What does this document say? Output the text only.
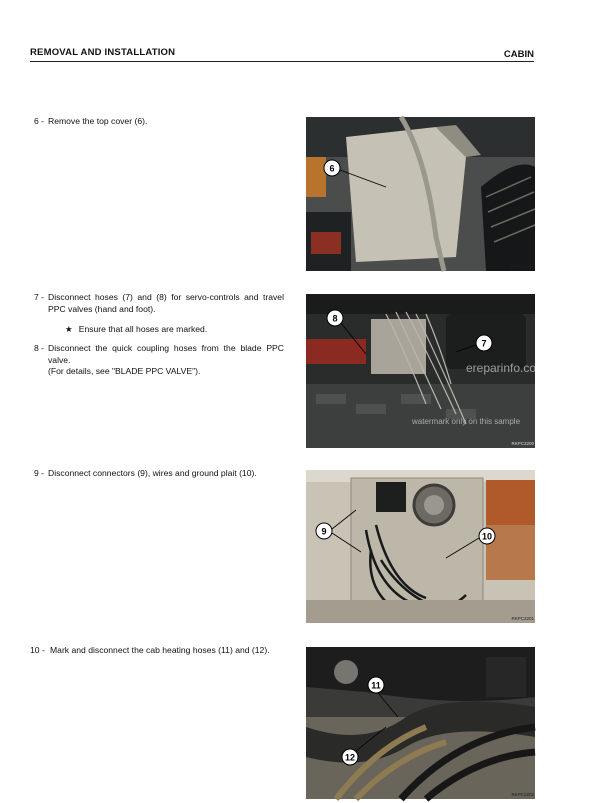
REMOVAL AND INSTALLATION	CABIN
6 - Remove the top cover (6).
7 - Disconnect hoses (7) and (8) for servo-controls and travel PPC valves (hand and foot).
★ Ensure that all hoses are marked.
8 - Disconnect the quick coupling hoses from the blade PPC valve.
(For details, see "BLADE PPC VALVE").
9 - Disconnect connectors (9), wires and ground plait (10).
10 - Mark and disconnect the cab heating hoses (11) and (12).
6
RKPC30B1
ereparinfo.com
watermark only on this sample
8
7
RKPC2200
9	10
RKPC2201
11
12
RKPC2202
